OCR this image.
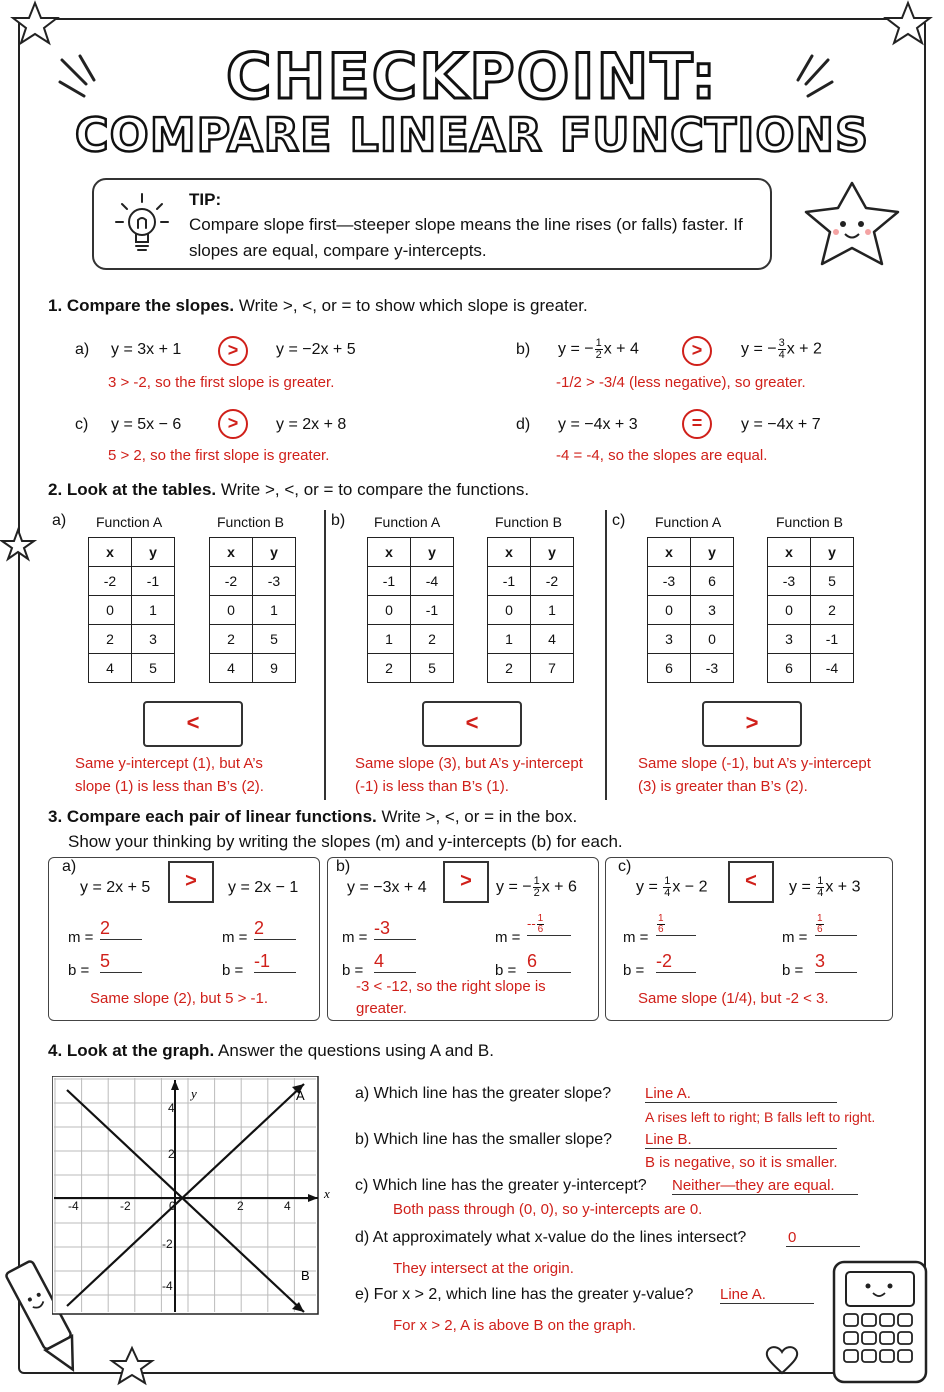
CHECKPOINT:
COMPARE LINEAR FUNCTIONS
TIP:
Compare slope first—steeper slope means the line rises (or falls) faster. If slopes are equal, compare y-intercepts.
1. Compare the slopes. Write >, <, or = to show which slope is greater.
a) y = 3x + 1	>	y = −2x + 5
3 > -2, so the first slope is greater.
b) y = − $\frac{1}{2}$ x + 4	>	y = − $\frac{3}{4}$ x + 2
-1/2 > -3/4 (less negative), so greater.
c) y = 5x − 6	>	y = 2x + 8
5 > 2, so the first slope is greater.
d) y = −4x + 3	=	y = −4x + 7
-4 = -4, so the slopes are equal.
2. Look at the tables. Write >, <, or = to compare the functions.
a) Function A	Function B
x	y
-2	-1
0	1
2	3
4	5
x	y
-2	-3
0	1
2	5
4	9
<
Same y-intercept (1), but A’s
slope (1) is less than B’s (2).
b) Function A	Function B
x	y
-1	-4
0	-1
1	2
2	5
x	y
-1	-2
0	1
1	4
2	7
<
Same slope (3), but A’s y-intercept
(-1) is less than B’s (1).
c) Function A	Function B
x	y
-3	6
0	3
3	0
6	-3
x	y
-3	5
0	2
3	-1
6	-4
>
Same slope (-1), but A’s y-intercept
(3) is greater than B’s (2).
3. Compare each pair of linear functions. Write >, <, or = in the box.
Show your thinking by writing the slopes (m) and y-intercepts (b) for each.
a)
y = 2x + 5	>	y = 2x − 1
m = 2
b = 5
m = 2
b = -1
Same slope (2), but 5 > -1.
b)
y = −3x + 4	>	y = − $\frac{1}{2}$ x + 6
m = -3
b = 4
m =
-- $\frac{1}{6}$
b = 6
-3 < -12, so the right slope is
greater.
c)
$y = \frac{1}{4}$ x − 2	<	$y = \frac{1}{4}$ x + 3
m =
$\frac{1}{6}$
b = -2
m =
$\frac{1}{6}$
b = 3
Same slope (1/4), but -2 < 3.
4. Look at the graph. Answer the questions using A and B.
y
x
A
B
-4	-2	0	2	4
4
2
-2
-4
a) Which line has the greater slope? Line A.
A rises left to right; B falls left to right.
b) Which line has the smaller slope? Line B.
B is negative, so it is smaller.
c) Which line has the greater y-intercept? Neither—they are equal.
Both pass through (0, 0), so y-intercepts are 0.
d) At approximately what x-value do the lines intersect?	0
They intersect at the origin.
e) For x > 2, which line has the greater y-value? Line A.
For x > 2, A is above B on the graph.
